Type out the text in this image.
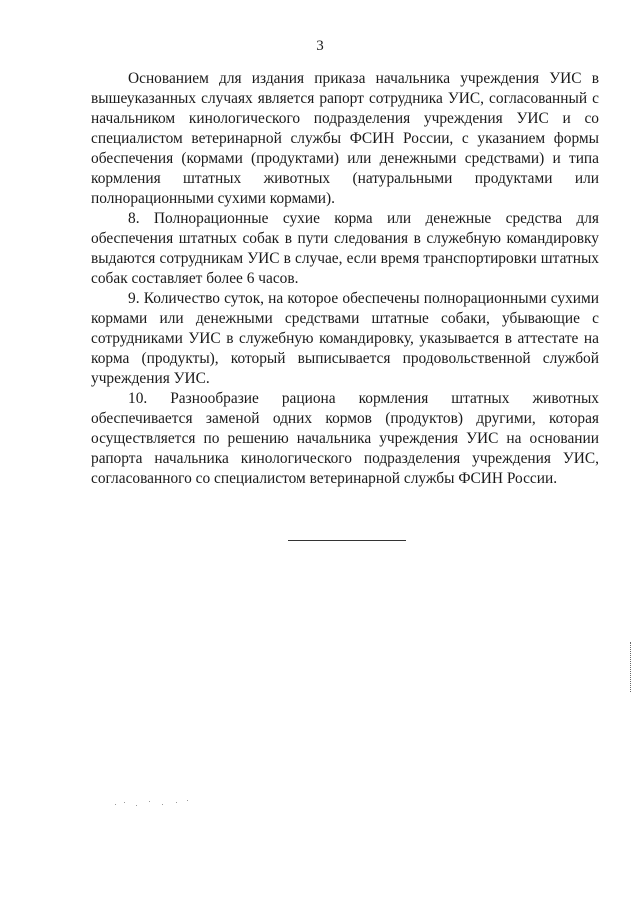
3

Основанием для издания приказа начальника учреждения УИС в вышеуказанных случаях является рапорт сотрудника УИС, согласованный с начальником кинологического подразделения учреждения УИС и со специалистом ветеринарной службы ФСИН России, с указанием формы обеспечения (кормами (продуктами) или денежными средствами) и типа кормления штатных животных (натуральными продуктами или полнорационными сухими кормами).

8. Полнорационные сухие корма или денежные средства для обеспечения штатных собак в пути следования в служебную командировку выдаются сотрудникам УИС в случае, если время транспортировки штатных собак составляет более 6 часов.

9. Количество суток, на которое обеспечены полнорационными сухими кормами или денежными средствами штатные собаки, убывающие с сотрудниками УИС в служебную командировку, указывается в аттестате на корма (продукты), который выписывается продовольственной службой учреждения УИС.

10. Разнообразие рациона кормления штатных животных обеспечивается заменой одних кормов (продуктов) другими, которая осуществляется по решению начальника учреждения УИС на основании рапорта начальника кинологического подразделения учреждения УИС, согласованного со специалистом ветеринарной службы ФСИН России.
